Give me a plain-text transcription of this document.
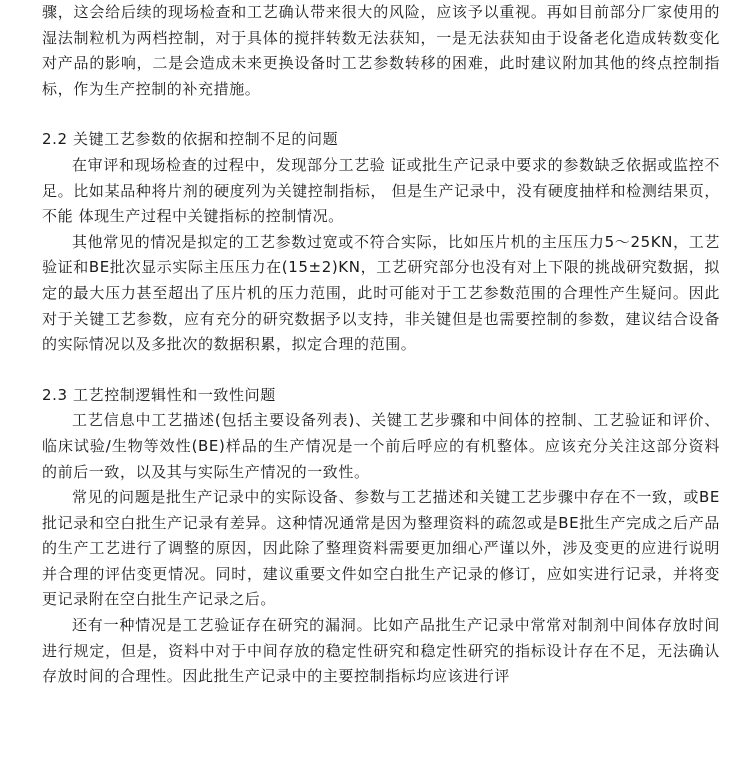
骤，这会给后续的现场检查和工艺确认带来很大的风险，应该予以重视。再如目前部分厂家使用的湿法制粒机为两档控制，对于具体的搅拌转数无法获知，一是无法获知由于设备老化造成转数变化对产品的影响，二是会造成未来更换设备时工艺参数转移的困难，此时建议附加其他的终点控制指标，作为生产控制的补充措施。

2.2 关键工艺参数的依据和控制不足的问题

在审评和现场检查的过程中，发现部分工艺验 证或批生产记录中要求的参数缺乏依据或监控不 足。比如某品种将片剂的硬度列为关键控制指标， 但是生产记录中，没有硬度抽样和检测结果页，不能 体现生产过程中关键指标的控制情况。

其他常见的情况是拟定的工艺参数过宽或不符合实际，比如压片机的主压压力5～25KN，工艺验证和BE批次显示实际主压压力在(15±2)KN，工艺研究部分也没有对上下限的挑战研究数据，拟定的最大压力甚至超出了压片机的压力范围，此时可能对于工艺参数范围的合理性产生疑问。因此对于关键工艺参数，应有充分的研究数据予以支持，非关键但是也需要控制的参数，建议结合设备的实际情况以及多批次的数据积累，拟定合理的范围。

2.3 工艺控制逻辑性和一致性问题

工艺信息中工艺描述(包括主要设备列表)、关键工艺步骤和中间体的控制、工艺验证和评价、临床试验/生物等效性(BE)样品的生产情况是一个前后呼应的有机整体。应该充分关注这部分资料的前后一致，以及其与实际生产情况的一致性。

常见的问题是批生产记录中的实际设备、参数与工艺描述和关键工艺步骤中存在不一致，或BE 批记录和空白批生产记录有差异。这种情况通常是因为整理资料的疏忽或是BE批生产完成之后产品的生产工艺进行了调整的原因，因此除了整理资料需要更加细心严谨以外，涉及变更的应进行说明并合理的评估变更情况。同时，建议重要文件如空白批生产记录的修订，应如实进行记录，并将变更记录附在空白批生产记录之后。

还有一种情况是工艺验证存在研究的漏洞。比如产品批生产记录中常常对制剂中间体存放时间进行规定，但是，资料中对于中间存放的稳定性研究和稳定性研究的指标设计存在不足，无法确认存放时间的合理性。因此批生产记录中的主要控制指标均应该进行评
